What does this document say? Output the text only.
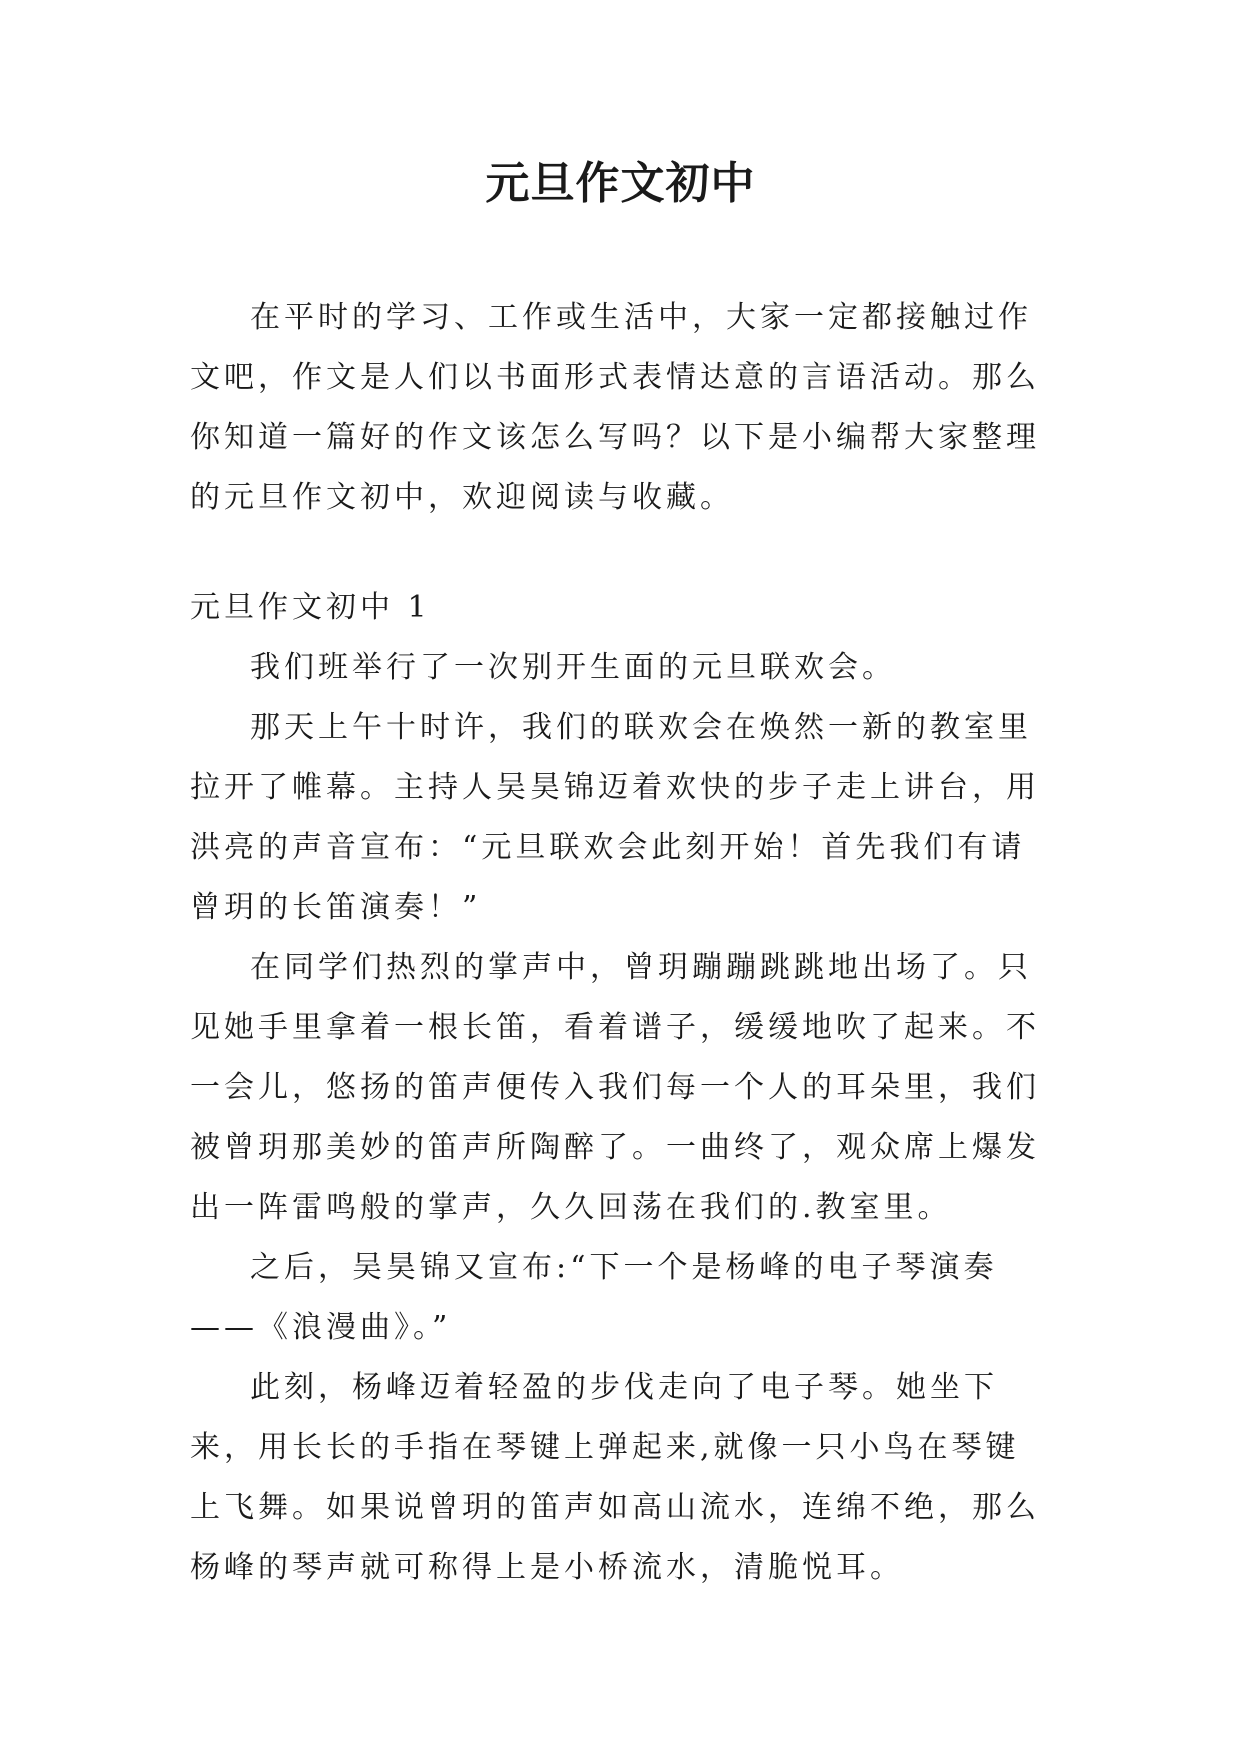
元旦作文初中

在平时的学习、工作或生活中，大家一定都接触过作文吧，作文是人们以书面形式表情达意的言语活动。那么你知道一篇好的作文该怎么写吗？以下是小编帮大家整理的元旦作文初中，欢迎阅读与收藏。

元旦作文初中 1

我们班举行了一次别开生面的元旦联欢会。

那天上午十时许，我们的联欢会在焕然一新的教室里拉开了帷幕。主持人吴昊锦迈着欢快的步子走上讲台，用洪亮的声音宣布：“元旦联欢会此刻开始！首先我们有请曾玥的长笛演奏！”

在同学们热烈的掌声中，曾玥蹦蹦跳跳地出场了。只见她手里拿着一根长笛，看着谱子，缓缓地吹了起来。不一会儿，悠扬的笛声便传入我们每一个人的耳朵里，我们被曾玥那美妙的笛声所陶醉了。一曲终了，观众席上爆发出一阵雷鸣般的掌声，久久回荡在我们的.教室里。

之后，吴昊锦又宣布:“下一个是杨峰的电子琴演奏——《浪漫曲》。”

此刻，杨峰迈着轻盈的步伐走向了电子琴。她坐下来，用长长的手指在琴键上弹起来,就像一只小鸟在琴键上飞舞。如果说曾玥的笛声如高山流水，连绵不绝，那么杨峰的琴声就可称得上是小桥流水，清脆悦耳。
